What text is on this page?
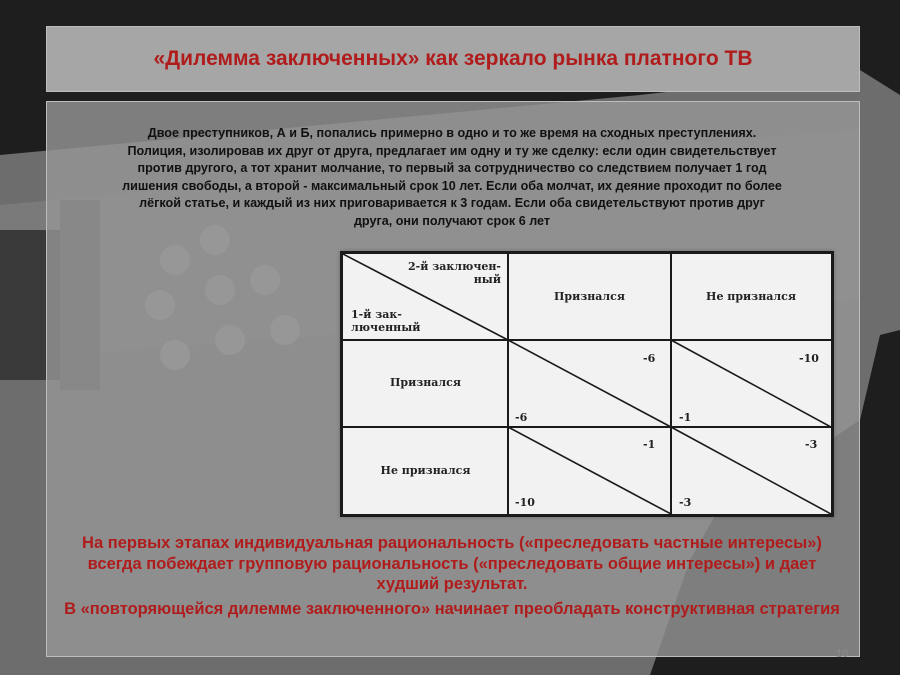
«Дилемма заключенных» как зеркало рынка платного ТВ
Двое преступников, А и Б, попались примерно в одно и то же время на сходных преступлениях.
Полиция, изолировав их друг от друга, предлагает им одну и ту же сделку: если один свидетельствует
против другого, а тот хранит молчание, то первый за сотрудничество со следствием получает 1 год
лишения свободы, а второй - максимальный срок 10 лет. Если оба молчат, их деяние проходит по более
лёгкой статье, и каждый из них приговаривается к 3 годам. Если оба свидетельствуют против друг
друга, они получают срок 6 лет
2-й заключен-
ный
1-й зак-
люченный
Признался	Не признался
Признался
Не признался
-6
-6
-10
-1
-1
-10
-3
-3

На первых этапах индивидуальная рациональность («преследовать частные интересы») всегда побеждает групповую рациональность («преследовать общие интересы») и дает худший результат.

В «повторяющейся дилемме заключенного» начинает преобладать конструктивная стратегия

10
